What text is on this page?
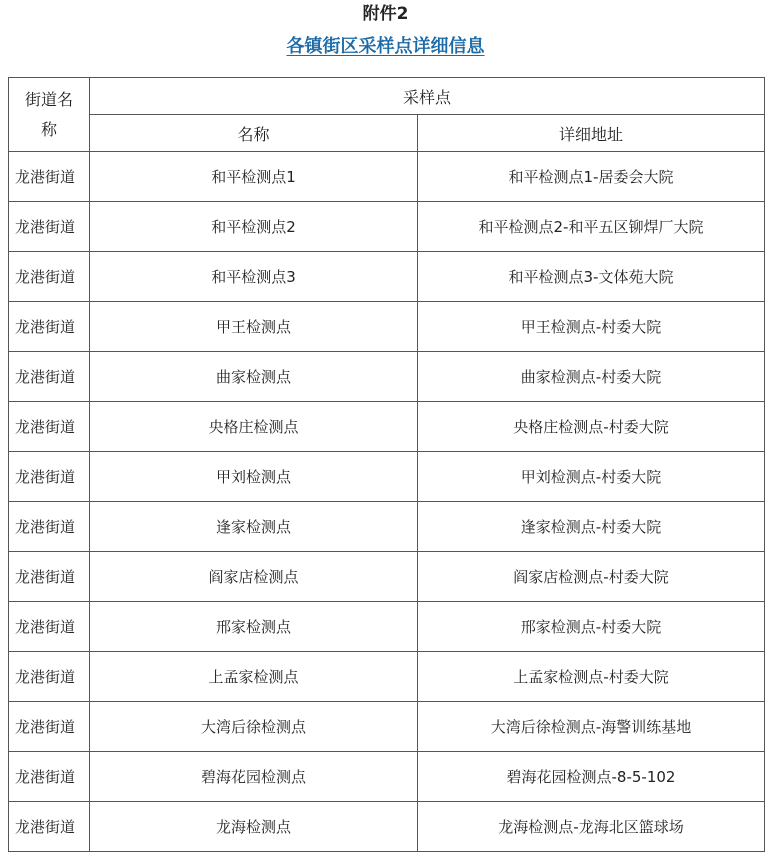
附件2
各镇街区采样点详细信息
街道名
称	采样点	
	名称	详细地址
龙港街道	和平检测点1	和平检测点1-居委会大院
龙港街道	和平检测点2	和平检测点2-和平五区铆焊厂大院
龙港街道	和平检测点3	和平检测点3-文体苑大院
龙港街道	甲王检测点	甲王检测点-村委大院
龙港街道	曲家检测点	曲家检测点-村委大院
龙港街道	央格庄检测点	央格庄检测点-村委大院
龙港街道	甲刘检测点	甲刘检测点-村委大院
龙港街道	逢家检测点	逢家检测点-村委大院
龙港街道	阎家店检测点	阎家店检测点-村委大院
龙港街道	邢家检测点	邢家检测点-村委大院
龙港街道	上孟家检测点	上孟家检测点-村委大院
龙港街道	大湾后徐检测点	大湾后徐检测点-海警训练基地
龙港街道	碧海花园检测点	碧海花园检测点-8-5-102
龙港街道	龙海检测点	龙海检测点-龙海北区篮球场
